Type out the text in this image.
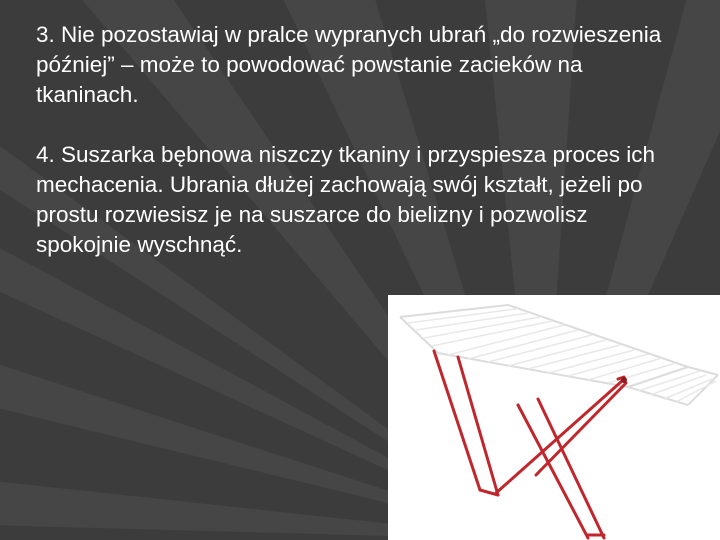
3. Nie pozostawiaj w pralce wypranych ubrań „do rozwieszenia później” – może to powodować powstanie zacieków na tkaninach.

4. Suszarka bębnowa niszczy tkaniny i przyspiesza proces ich mechacenia. Ubrania dłużej zachowają swój kształt, jeżeli po prostu rozwiesisz je na suszarce do bielizny i pozwolisz spokojnie wyschnąć.
